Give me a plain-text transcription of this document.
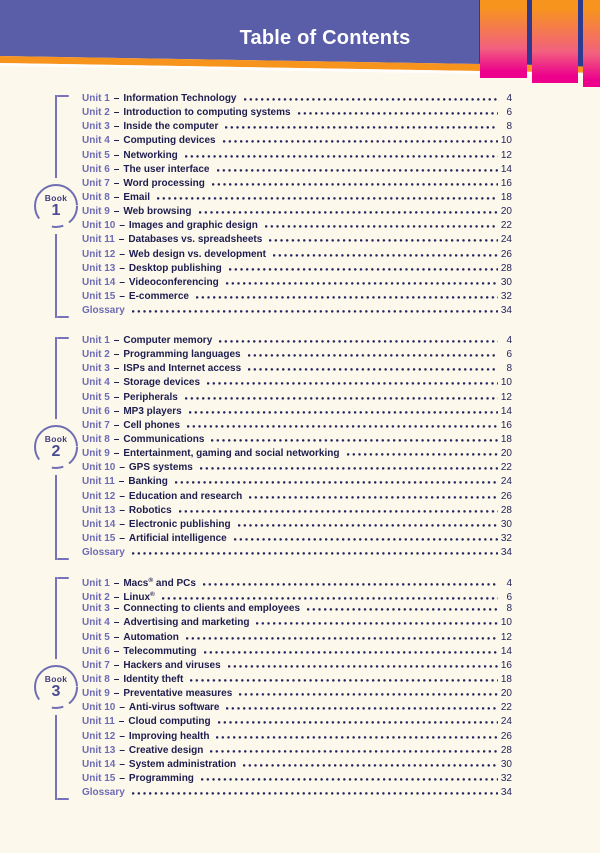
Table of Contents
Book
1
Book
2
Book
3
Unit 1 – Information Technology	4
Unit 2 – Introduction to computing systems	6
Unit 3 – Inside the computer	8
Unit 4 – Computing devices	10
Unit 5 – Networking	12
Unit 6 – The user interface	14
Unit 7 – Word processing	16
Unit 8 – Email	18
Unit 9 – Web browsing	20
Unit 10 – Images and graphic design	22
Unit 11 – Databases vs. spreadsheets	24
Unit 12 – Web design vs. development	26
Unit 13 – Desktop publishing	28
Unit 14 – Videoconferencing	30
Unit 15 – E-commerce	32
Glossary	34
Unit 1 – Computer memory	4
Unit 2 – Programming languages	6
Unit 3 – ISPs and Internet access	8
Unit 4 – Storage devices	10
Unit 5 – Peripherals	12
Unit 6 – MP3 players	14
Unit 7 – Cell phones	16
Unit 8 – Communications	18
Unit 9 – Entertainment, gaming and social networking	20
Unit 10 – GPS systems	22
Unit 11 – Banking	24
Unit 12 – Education and research	26
Unit 13 – Robotics	28
Unit 14 – Electronic publishing	30
Unit 15 – Artificial intelligence	32
Glossary	34
Unit 1 – Macs® and PCs	4
Unit 2 – Linux®	6
Unit 3 – Connecting to clients and employees	8
Unit 4 – Advertising and marketing	10
Unit 5 – Automation	12
Unit 6 – Telecommuting	14
Unit 7 – Hackers and viruses	16
Unit 8 – Identity theft	18
Unit 9 – Preventative measures	20
Unit 10 – Anti-virus software	22
Unit 11 – Cloud computing	24
Unit 12 – Improving health	26
Unit 13 – Creative design	28
Unit 14 – System administration	30
Unit 15 – Programming	32
Glossary	34
